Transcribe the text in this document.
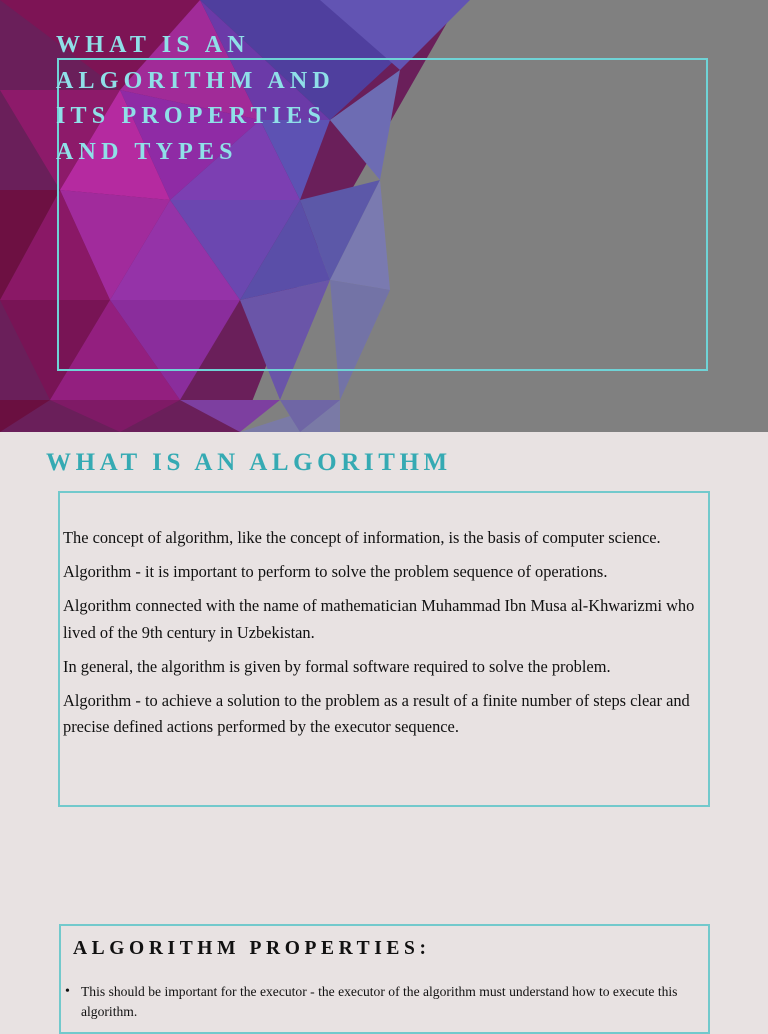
WHAT IS AN
ALGORITHM AND
ITS PROPERTIES
AND TYPES
WHAT IS AN ALGORITHM

The concept of algorithm, like the concept of information, is the basis of computer science.

Algorithm - it is important to perform to solve the problem sequence of operations.

Algorithm connected with the name of mathematician Muhammad Ibn Musa al-Khwarizmi who lived of the 9th century in Uzbekistan.

In general, the algorithm is given by formal software required to solve the problem.

Algorithm - to achieve a solution to the problem as a result of a finite number of steps clear and precise defined actions performed by the executor sequence.

ALGORITHM PROPERTIES:
• This should be important for the executor - the executor of the algorithm must understand how to execute this algorithm.
